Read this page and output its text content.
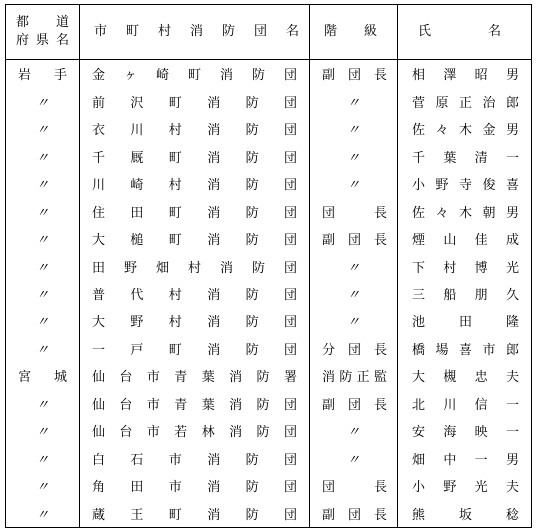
都道
府県名	市町村消防団名	階級	氏名
岩手	金ヶ崎町消防団	副団長	相澤昭男
〃	前沢町消防団	〃	菅原正治郎
〃	衣川村消防団	〃	佐々木金男
〃	千厩町消防団	〃	千葉清一
〃	川崎村消防団	〃	小野寺俊喜
〃	住田町消防団	団長	佐々木朝男
〃	大槌町消防団	副団長	煙山佳成
〃	田野畑村消防団	〃	下村博光
〃	普代村消防団	〃	三船朋久
〃	大野村消防団	〃	池田隆
〃	一戸町消防団	分団長	橋場喜市郎
宮城	仙台市青葉消防署	消防正監	大槻忠夫
〃	仙台市青葉消防団	副団長	北川信一
〃	仙台市若林消防団	〃	安海映一
〃	白石市消防団	〃	畑中一男
〃	角田市消防団	団長	小野光夫
〃	蔵王町消防団	副団長	熊坂稔
